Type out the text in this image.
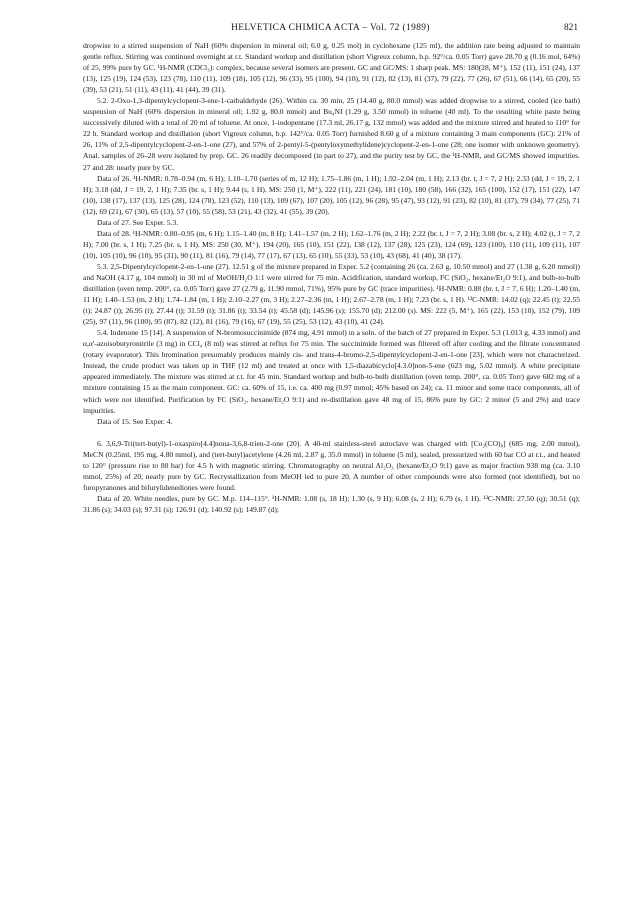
HELVETICA CHIMICA ACTA – Vol. 72 (1989)	821

dropwise to a stirred suspension of NaH (60% dispersion in mineral oil; 6.0 g, 0.25 mol) in cyclohexane (125 ml), the addition rate being adjusted to maintain gentle reflux. Stirring was continued overnight at r.t. Standard workup and distillation (short Vigreux column, b.p. 92°/ca. 0.05 Torr) gave 28.70 g (0.16 mol, 64%) of 25, 99% pure by GC. ¹H-NMR (CDCl₃): complex, because several isomers are present. GC and GC/MS: 1 sharp peak. MS: 180(28, M⁺), 152 (11), 151 (24), 137 (13), 125 (19), 124 (53), 123 (78), 110 (11), 109 (18), 105 (12), 96 (33), 95 (100), 94 (10), 91 (12), 82 (13), 81 (37), 79 (22), 77 (26), 67 (51), 66 (14), 65 (20), 55 (39), 53 (21), 51 (11), 43 (11), 41 (44), 39 (31).

5.2. 2-Oxo-1,3-dipentylcyclopent-3-ene-1-carbaldehyde (26). Within ca. 30 min, 25 (14.40 g, 80.0 mmol) was added dropwise to a stirred, cooled (ice bath) suspension of NaH (60% dispersion in mineral oil; 1.92 g, 80.0 mmol) and Bu₄NI (1.29 g, 3.50 mmol) in toluene (40 ml). To the resulting white paste being successively diluted with a total of 20 ml of toluene. At once, 1-iodopentane (17.3 ml, 26.17 g, 132 mmol) was added and the mixture stirred and heated to 110° for 22 h. Standard workup and distillation (short Vigreux column, b.p. 142°/ca. 0.05 Torr) furnished 8.60 g of a mixture containing 3 main components (GC): 21% of 26, 11% of 2,5-dipentylcyclopent-2-en-1-one (27), and 57% of 2-pentyl-5-(pentyloxymethylidene)cyclopent-2-en-1-one (28; one isomer with unknown geometry). Anal. samples of 26–28 were isolated by prep. GC. 26 readily decomposed (in part to 27), and the purity test by GC, the ¹H-NMR, and GC/MS showed impurities. 27 and 28: nearly pure by GC.

Data of 26. ¹H-NMR: 0.78–0.94 (m, 6 H); 1.10–1.70 (series of m, 12 H); 1.75–1.86 (m, 1 H); 1.92–2.04 (m, 1 H); 2.13 (br. t, J = 7, 2 H); 2.33 (dd, J = 19, 2, 1 H); 3.18 (dd, J = 19, 2, 1 H); 7.35 (br. s, 1 H); 9.44 (s, 1 H). MS: 250 (1, M⁺), 222 (11), 221 (24), 181 (10), 180 (58), 166 (32), 165 (100), 152 (17), 151 (22), 147 (10), 138 (17), 137 (13), 125 (28), 124 (78), 123 (52), 110 (13), 109 (67), 107 (20), 105 (12), 96 (28), 95 (47), 93 (12), 91 (23), 82 (10), 81 (37), 79 (34), 77 (25), 71 (12), 69 (21), 67 (30), 65 (13), 57 (10), 55 (58), 53 (21), 43 (32), 41 (55), 39 (20).

Data of 27. See Exper. 5.3.

Data of 28. ¹H-NMR: 0.80–0.95 (m, 6 H); 1.15–1.40 (m, 8 H); 1.41–1.57 (m, 2 H); 1.62–1.76 (m, 2 H); 2.22 (br. t, J = 7, 2 H); 3.08 (br. s, 2 H); 4.02 (t, J = 7, 2 H); 7.00 (br. s, 1 H); 7.25 (br. s, 1 H). MS: 250 (30, M⁺), 194 (20), 165 (10), 151 (22), 138 (12), 137 (28), 125 (23), 124 (69), 123 (100), 110 (11), 109 (11), 107 (10), 105 (10), 96 (10), 95 (31), 90 (11), 81 (16), 79 (14), 77 (17), 67 (13), 65 (10), 55 (33), 53 (10), 43 (68), 41 (40), 38 (17).

5.3. 2,5-Dipentylcyclopent-2-en-1-one (27). 12.51 g of the mixture prepared in Exper. 5.2 (containing 26 (ca. 2.63 g, 10.50 mmol) and 27 (1.38 g, 6.20 mmol)) and NaOH (4.17 g, 104 mmol) in 30 ml of MeOH/H₂O 1:1 were stirred for 75 min. Acidification, standard workup, FC (SiO₂, hexane/Et₂O 9:1), and bulb-to-bulb distillation (oven temp. 200°, ca. 0.05 Torr) gave 27 (2.79 g, 11.90 mmol, 71%), 95% pure by GC (trace impurities). ¹H-NMR: 0.88 (br. t, J = 7, 6 H); 1.20–1.40 (m, 11 H); 1.40–1.53 (m, 2 H); 1.74–1.84 (m, 1 H); 2.10–2.27 (m, 3 H); 2.27–2.36 (m, 1 H); 2.67–2.78 (m, 1 H); 7.23 (br. s, 1 H). ¹³C-NMR: 14.02 (q); 22.45 (t); 22.55 (t); 24.87 (t); 26.95 (t); 27.44 (t); 31.59 (t); 31.86 (t); 33.54 (t); 45.58 (d); 145.96 (s); 155.70 (d); 212.00 (s). MS: 222 (5, M⁺), 165 (22), 153 (10), 152 (79), 109 (25), 97 (11), 96 (100), 95 (87), 82 (12), 81 (16), 79 (16), 67 (19), 55 (25), 53 (12), 43 (10), 41 (24).

5.4. Indenone 15 [14]. A suspension of N-bromosuccinimide (874 mg, 4.91 mmol) in a soln. of the batch of 27 prepared in Exper. 5.3 (1.013 g, 4.33 mmol) and α,α′-azoisobutyronitrile (3 mg) in CCl₄ (8 ml) was stirred at reflux for 75 min. The succinimide formed was filtered off after cooling and the filtrate concentrated (rotary evaporator). This bromination presumably produces mainly cis- and trans-4-bromo-2,5-dipentylcyclopent-2-en-1-one [23], which were not characterized. Instead, the crude product was taken up in THF (12 ml) and treated at once with 1,5-diazabicyclo[4.3.0]non-5-ene (623 mg, 5.02 mmol). A white precipitate appeared immediately. The mixture was stirred at r.t. for 45 min. Standard workup and bulb-to-bulb distillation (oven temp. 200°, ca. 0.05 Torr) gave 682 mg of a mixture containing 15 as the main component. GC: ca. 60% of 15, i.e. ca. 400 mg (0.97 mmol; 45% based on 24); ca. 11 minor and some trace components, all of which were not identified. Purification by FC (SiO₂, hexane/Et₂O 9:1) and re-distillation gave 48 mg of 15, 86% pure by GC: 2 minor (5 and 2%) and trace impurities.

Data of 15. See Exper. 4.

6. 3,6,9-Tri(tert-butyl)-1-oxaspiro[4.4]nona-3,6,8-trien-2-one (20). A 40-ml stainless-steel autoclave was charged with [Co₂(CO)₈] (685 mg, 2.00 mmol), MeCN (0.25ml, 195 mg, 4.80 mmol), and (tert-butyl)acetylene (4.26 ml, 2.87 g, 35.0 mmol) in toluene (5 ml), sealed, pressurized with 60 bar CO at r.t., and heated to 120° (pressure rise to 80 bar) for 4.5 h with magnetic stirring. Chromatography on neutral Al₂O₃ (hexane/Et₂O 9:1) gave as major fraction 938 mg (ca. 3.10 mmol, 25%) of 20, nearly pure by GC. Recrystallization from MeOH led to pure 20. A number of other compounds were also formed (not identified), but no furopyranones and bifurylidenediones were found.

Data of 20. White needles, pure by GC. M.p. 114–115°. ¹H-NMR: 1.08 (s, 18 H); 1.30 (s, 9 H); 6.08 (s, 2 H); 6.79 (s, 1 H). ¹³C-NMR: 27.50 (q); 30.51 (q); 31.86 (s); 34.03 (s); 97.31 (s); 126.91 (d); 140.92 (s); 149.87 (d);
